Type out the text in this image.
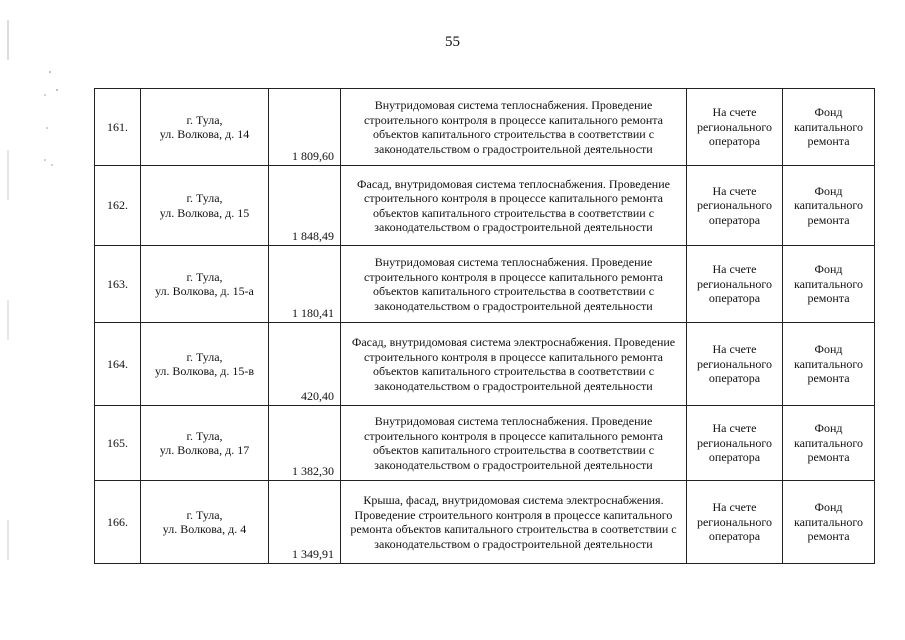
55
161.	г. Тула,
ул. Волкова, д. 14	1 809,60	Внутридомовая система теплоснабжения. Проведение строительного контроля в процессе капитального ремонта объектов капитального строительства в соответствии с законодательством о градостроительной деятельности	На счете регионального оператора	Фонд капитального ремонта
162.	г. Тула,
ул. Волкова, д. 15	1 848,49	Фасад, внутридомовая система теплоснабжения. Проведение строительного контроля в процессе капитального ремонта объектов капитального строительства в соответствии с законодательством о градостроительной деятельности	На счете регионального оператора	Фонд капитального ремонта
163.	г. Тула,
ул. Волкова, д. 15-а	1 180,41	Внутридомовая система теплоснабжения. Проведение строительного контроля в процессе капитального ремонта объектов капитального строительства в соответствии с законодательством о градостроительной деятельности	На счете регионального оператора	Фонд капитального ремонта
164.	г. Тула,
ул. Волкова, д. 15-в	420,40	Фасад, внутридомовая система электроснабжения. Проведение строительного контроля в процессе капитального ремонта объектов капитального строительства в соответствии с законодательством о градостроительной деятельности	На счете регионального оператора	Фонд капитального ремонта
165.	г. Тула,
ул. Волкова, д. 17	1 382,30	Внутридомовая система теплоснабжения. Проведение строительного контроля в процессе капитального ремонта объектов капитального строительства в соответствии с законодательством о градостроительной деятельности	На счете регионального оператора	Фонд капитального ремонта
166.	г. Тула,
ул. Волкова, д. 4	1 349,91	Крыша, фасад, внутридомовая система электроснабжения. Проведение строительного контроля в процессе капитального ремонта объектов капитального строительства в соответствии с законодательством о градостроительной деятельности	На счете регионального оператора	Фонд капитального ремонта
